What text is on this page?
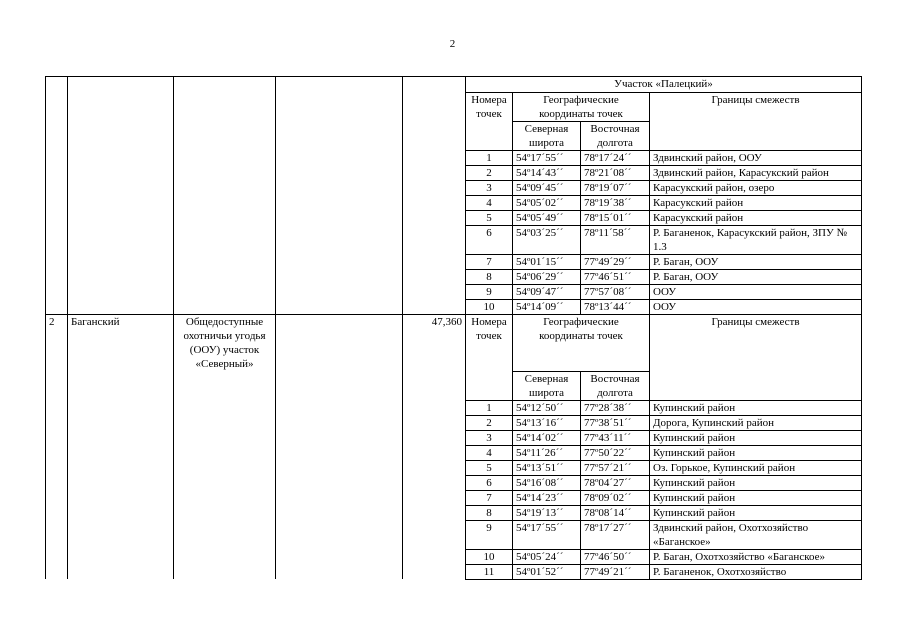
2
					Участок «Палецкий»			
					Номера точек	Географические координаты точек		Границы смежеств
						Северная широта	Восточная долгота	
					1	54º17´55´´	78º17´24´´	Здвинский район, ООУ
					2	54º14´43´´	78º21´08´´	Здвинский район, Карасукский район
					3	54º09´45´´	78º19´07´´	Карасукский район, озеро
					4	54º05´02´´	78º19´38´´	Карасукский район
					5	54º05´49´´	78º15´01´´	Карасукский район
					6	54º03´25´´	78º11´58´´	Р. Баганенок, Карасукский район, ЗПУ № 1.3
					7	54º01´15´´	77º49´29´´	Р. Баган, ООУ
					8	54º06´29´´	77º46´51´´	Р. Баган, ООУ
					9	54º09´47´´	77º57´08´´	ООУ
					10	54º14´09´´	78º13´44´´	ООУ
2	Баганский	Общедоступные охотничьи угодья (ООУ) участок «Северный»		47,360	Номера точек	Географические координаты точек		Границы смежеств
						Северная широта	Восточная долгота	
					1	54º12´50´´	77º28´38´´	Купинский район
					2	54º13´16´´	77º38´51´´	Дорога, Купинский район
					3	54º14´02´´	77º43´11´´	Купинский район
					4	54º11´26´´	77º50´22´´	Купинский район
					5	54º13´51´´	77º57´21´´	Оз. Горькое, Купинский район
					6	54º16´08´´	78º04´27´´	Купинский район
					7	54º14´23´´	78º09´02´´	Купинский район
					8	54º19´13´´	78º08´14´´	Купинский район
					9	54º17´55´´	78º17´27´´	Здвинский район, Охотхозяйство «Баганское»
					10	54º05´24´´	77º46´50´´	Р. Баган, Охотхозяйство «Баганское»
					11	54º01´52´´	77º49´21´´	Р. Баганенок, Охотхозяйство
